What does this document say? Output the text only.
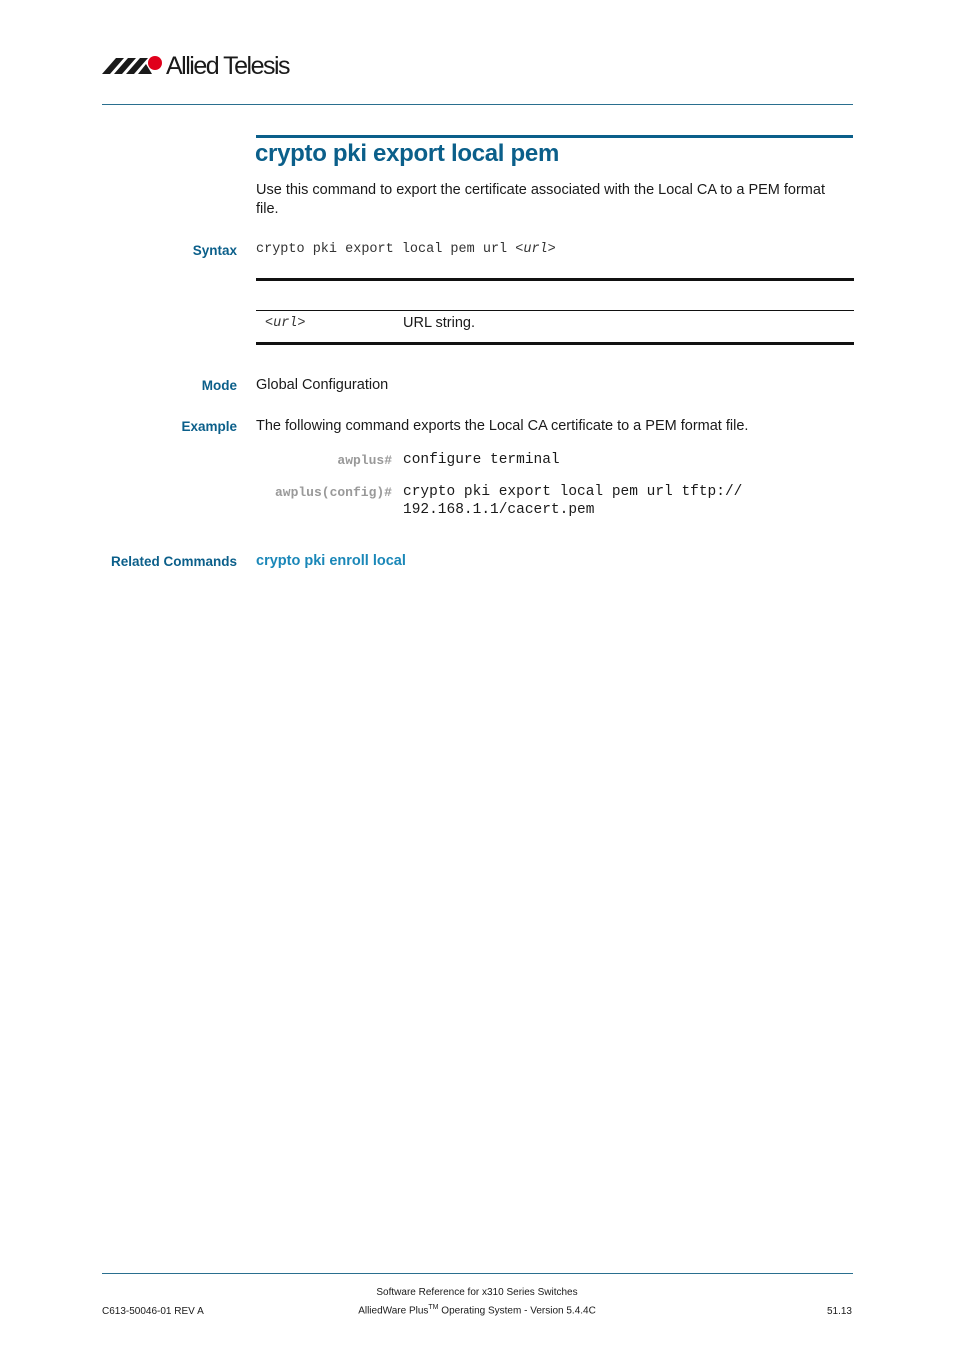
Allied Telesis
crypto pki export local pem
Use this command to export the certificate associated with the Local CA to a PEM format file.
Syntax crypto pki export local pem url <url>
<url>	URL string.
Mode Global Configuration
Example The following command exports the Local CA certificate to a PEM format file.
awplus# configure terminal
awplus(config)# crypto pki export local pem url tftp://
192.168.1.1/cacert.pem
Related Commands crypto pki enroll local
Software Reference for x310 Series Switches
C613-50046-01 REV A	AlliedWare Plus™ Operating System - Version 5.4.4C	51.13
